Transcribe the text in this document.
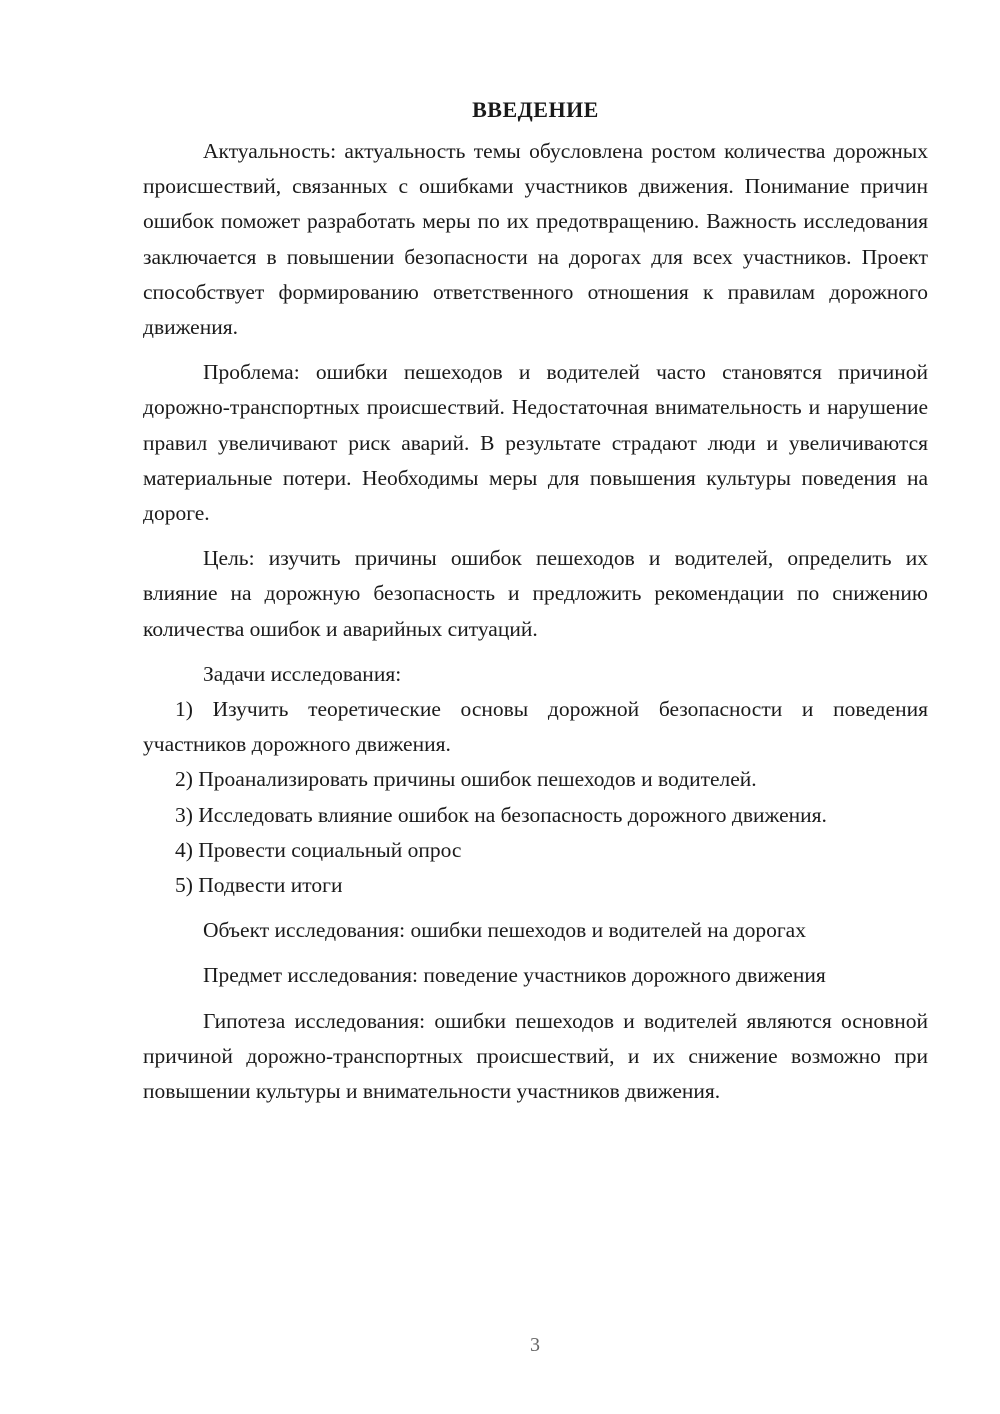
ВВЕДЕНИЕ

Актуальность: актуальность темы обусловлена ростом количества дорожных происшествий, связанных с ошибками участников движения. Понимание причин ошибок поможет разработать меры по их предотвращению. Важность исследования заключается в повышении безопасности на дорогах для всех участников. Проект способствует формированию ответственного отношения к правилам дорожного движения.

Проблема: ошибки пешеходов и водителей часто становятся причиной дорожно-транспортных происшествий. Недостаточная внимательность и нарушение правил увеличивают риск аварий. В результате страдают люди и увеличиваются материальные потери. Необходимы меры для повышения культуры поведения на дороге.

Цель: изучить причины ошибок пешеходов и водителей, определить их влияние на дорожную безопасность и предложить рекомендации по снижению количества ошибок и аварийных ситуаций.

Задачи исследования:

1) Изучить теоретические основы дорожной безопасности и поведения участников дорожного движения.

2) Проанализировать причины ошибок пешеходов и водителей.

3) Исследовать влияние ошибок на безопасность дорожного движения.

4) Провести социальный опрос

5) Подвести итоги

Объект исследования: ошибки пешеходов и водителей на дорогах

Предмет исследования: поведение участников дорожного движения

Гипотеза исследования: ошибки пешеходов и водителей являются основной причиной дорожно-транспортных происшествий, и их снижение возможно при повышении культуры и внимательности участников движения.

3
